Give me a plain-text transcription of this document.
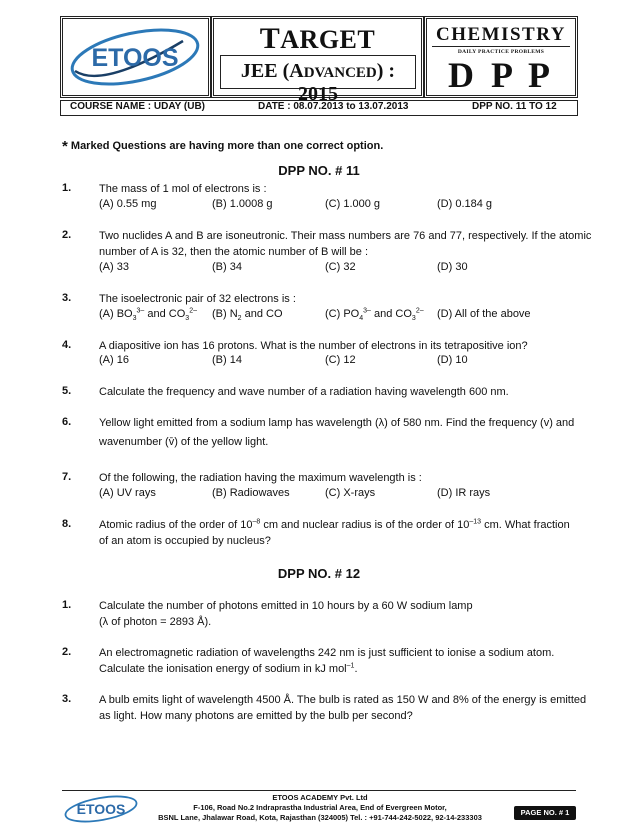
ETOOS
TARGET
JEE (ADVANCED) : 2015
CHEMISTRY
DAILY PRACTICE PROBLEMS
D P P
COURSE NAME : UDAY (UB)	DATE : 08.07.2013 to 13.07.2013	DPP NO. 11 TO 12
* Marked Questions are having more than one correct option.
DPP NO. # 11
1.	The mass of 1 mol of electrons is :
(A) 0.55 mg	(B) 1.0008 g	(C) 1.000 g	(D) 0.184 g
2.	Two nuclides A and B are isoneutronic. Their mass numbers are 76 and 77, respectively. If the atomic
number of A is 32, then the atomic number of B will be :
(A) 33	(B) 34	(C) 32	(D) 30
3.	The isoelectronic pair of 32 electrons is :
(A) $BO_3^{3-}$ and $CO_3^{2-}$ (B) $N_2$ and CO	(C) $PO_4^{3-}$ and $CO_3^{2-}$ (D) All of the above
4.	A diapositive ion has 16 protons. What is the number of electrons in its tetrapositive ion?
(A) 16	(B) 14	(C) 12	(D) 10
5.	Calculate the frequency and wave number of a radiation having wavelength 600 nm.
6.	Yellow light emitted from a sodium lamp has wavelength (λ) of 580 nm. Find the frequency (v) and
wavenumber (v̄) of the yellow light.
7.	Of the following, the radiation having the maximum wavelength is :
(A) UV rays	(B) Radiowaves	(C) X-rays	(D) IR rays
8.	Atomic radius of the order of $10^{-8}$ cm and nuclear radius is of the order of $10^{-13}$ cm. What fraction
of an atom is occupied by nucleus?
DPP NO. # 12
1.	Calculate the number of photons emitted in 10 hours by a 60 W sodium lamp
(λ of photon = 2893 Å).
2.	An electromagnetic radiation of wavelengths 242 nm is just sufficient to ionise a sodium atom.
Calculate the ionisation energy of sodium in kJ mol$^{-1}$.
3.	A bulb emits light of wavelength 4500 Å. The bulb is rated as 150 W and 8% of the energy is emitted
as light. How many photons are emitted by the bulb per second?
ETOOS
ETOOS ACADEMY Pvt. Ltd
F-106, Road No.2 Indraprastha Industrial Area, End of Evergreen Motor,
BSNL Lane, Jhalawar Road, Kota, Rajasthan (324005) Tel. : +91-744-242-5022, 92-14-233303
PAGE NO. # 1
